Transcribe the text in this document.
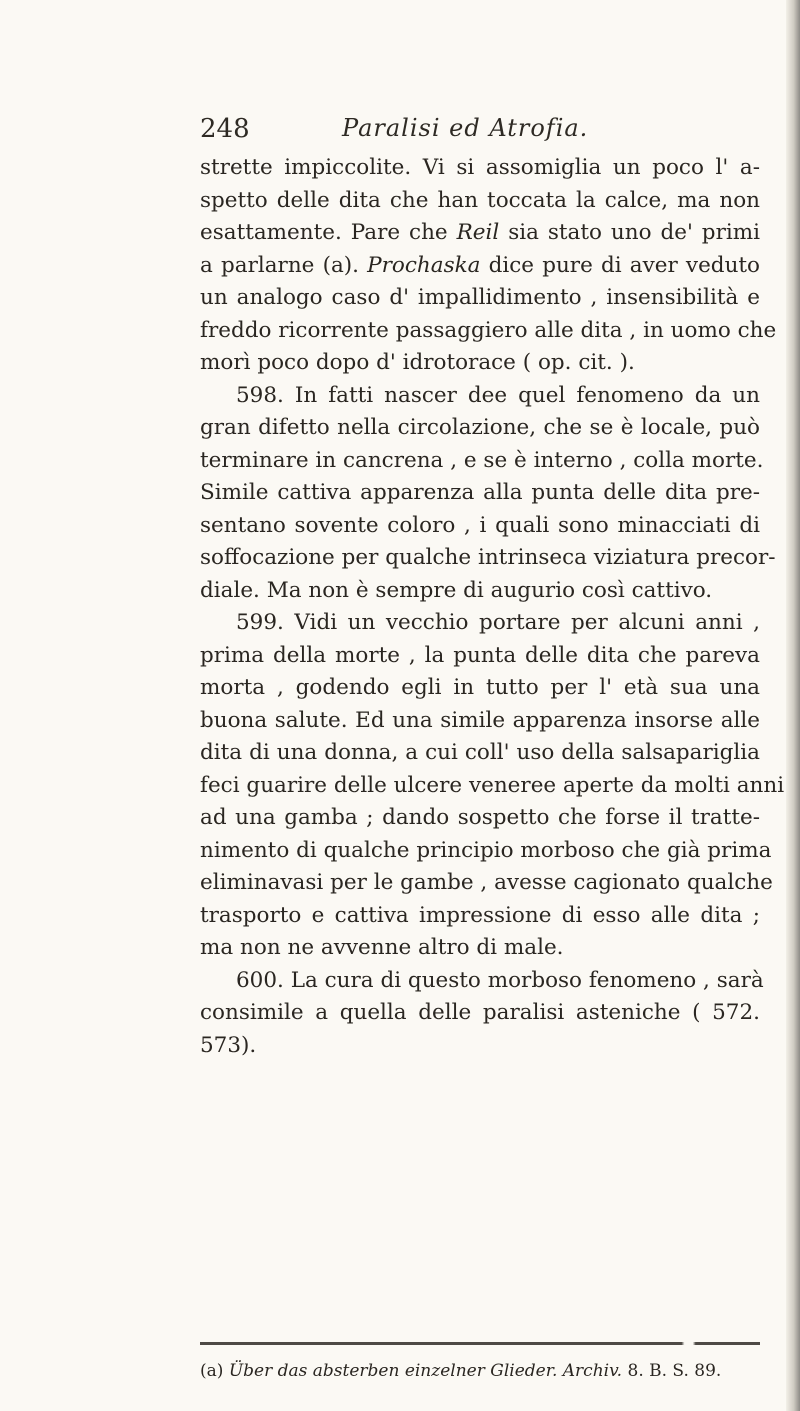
248	Paralisi ed Atrofia.
strette impiccolite. Vi si assomiglia un poco l' a-
spetto delle dita che han toccata la calce, ma non
esattamente. Pare che Reil sia stato uno de' primi
a parlarne (a). Prochaska dice pure di aver veduto
un analogo caso d' impallidimento , insensibilità e
freddo ricorrente passaggiero alle dita , in uomo che
morì poco dopo d' idrotorace ( op. cit. ).
598. In fatti nascer dee quel fenomeno da un
gran difetto nella circolazione, che se è locale, può
terminare in cancrena , e se è interno , colla morte.
Simile cattiva apparenza alla punta delle dita pre-
sentano sovente coloro , i quali sono minacciati di
soffocazione per qualche intrinseca viziatura precor-
diale. Ma non è sempre di augurio così cattivo.
599. Vidi un vecchio portare per alcuni anni ,
prima della morte , la punta delle dita che pareva
morta , godendo egli in tutto per l' età sua una
buona salute. Ed una simile apparenza insorse alle
dita di una donna, a cui coll' uso della salsapariglia
feci guarire delle ulcere veneree aperte da molti anni
ad una gamba ; dando sospetto che forse il tratte-
nimento di qualche principio morboso che già prima
eliminavasi per le gambe , avesse cagionato qualche
trasporto e cattiva impressione di esso alle dita ;
ma non ne avvenne altro di male.
600. La cura di questo morboso fenomeno , sarà
consimile a quella delle paralisi asteniche ( 572.
573).
(a) Über das absterben einzelner Glieder. Archiv. 8. B. S. 89.
